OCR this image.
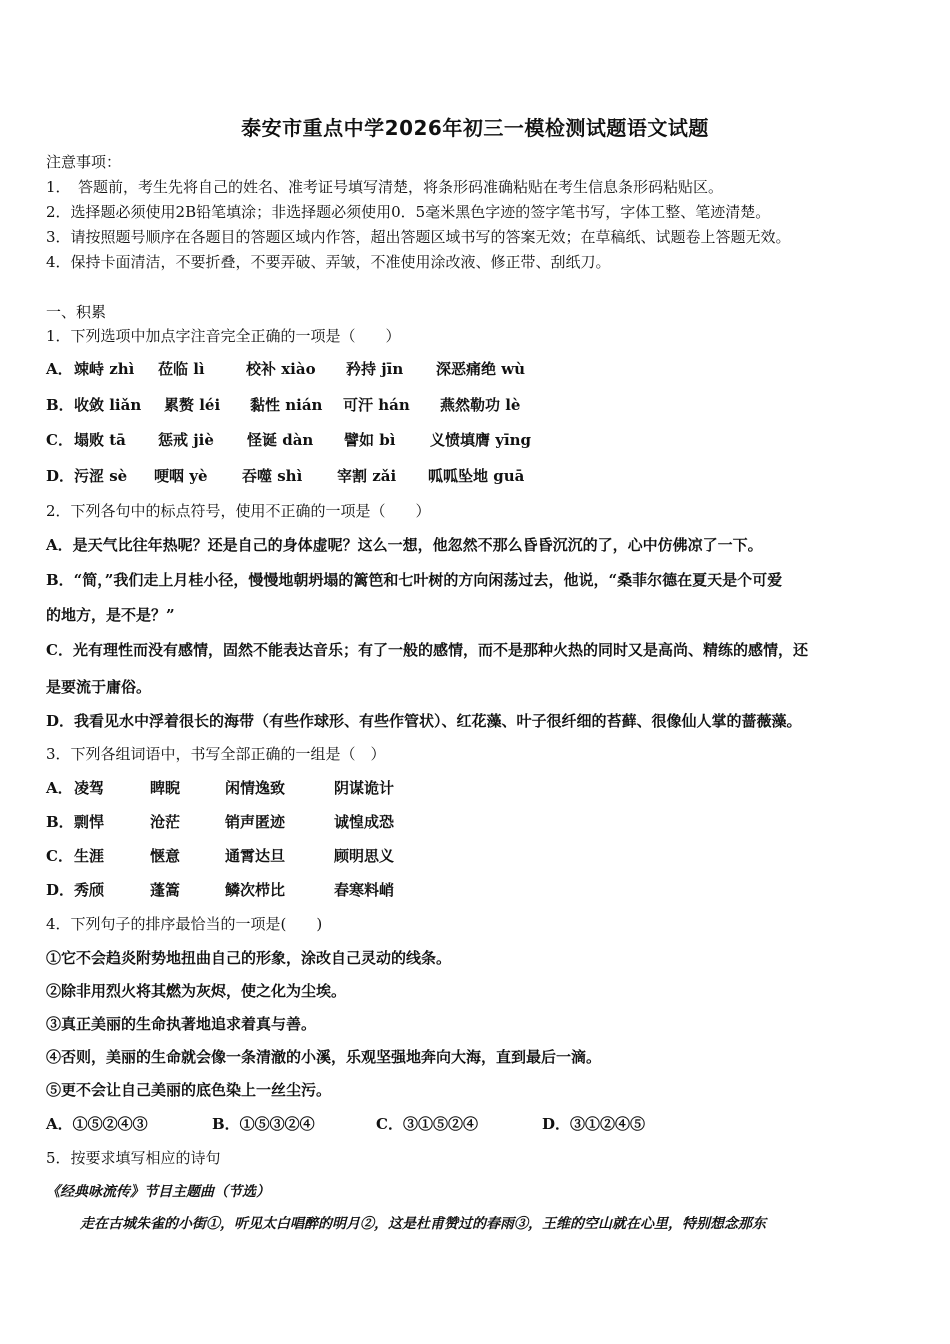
泰安市重点中学2026年初三一模检测试题语文试题
注意事项：
1．　答题前，考生先将自己的姓名、准考证号填写清楚，将条形码准确粘贴在考生信息条形码粘贴区。
2．选择题必须使用2B铅笔填涂；非选择题必须使用0．5毫米黑色字迹的签字笔书写，字体工整、笔迹清楚。
3．请按照题号顺序在各题目的答题区域内作答，超出答题区域书写的答案无效；在草稿纸、试题卷上答题无效。
4．保持卡面清洁，不要折叠，不要弄破、弄皱，不准使用涂改液、修正带、刮纸刀。
一、积累
1．下列选项中加点字注音完全正确的一项是（　　）
A． 竦峙 zhì 莅临 lì	校补 xiào 矜持 jīn 深恶痛绝 wù
B． 收敛 liǎn 累赘 léi 黏性 nián 可汗 hán 燕然勒功 lè
C． 塌败 tā 惩戒 jiè 怪诞 dàn 譬如 bì 义愤填膺 yīng
D． 污涩 sè 哽咽 yè 吞噬 shì 宰割 zǎi 呱呱坠地 guā
2．下列各句中的标点符号，使用不正确的一项是（　　）
A．是天气比往年热呢？还是自己的身体虚呢？这么一想，他忽然不那么昏昏沉沉的了，心中仿佛凉了一下。
B．“简，”我们走上月桂小径，慢慢地朝坍塌的篱笆和七叶树的方向闲荡过去，他说，“桑菲尔德在夏天是个可爱
的地方，是不是？”
C．光有理性而没有感情，固然不能表达音乐；有了一般的感情，而不是那种火热的同时又是高尚、精练的感情，还
是要流于庸俗。
D．我看见水中浮着很长的海带（有些作球形、有些作管状）、红花藻、叶子很纤细的苔藓、很像仙人掌的蔷薇藻。
3．下列各组词语中，书写全部正确的一组是（　）
A． 凌驾	睥睨	闲情逸致	阴谋诡计
B． 剽悍	沧茫	销声匿迹	诚惶成恐
C． 生涯	惬意	通霄达旦	顾明思义
D． 秀颀	蓬篙	鳞次栉比	春寒料峭
4．下列句子的排序最恰当的一项是(　　)
①它不会趋炎附势地扭曲自己的形象，涂改自己灵动的线条。
②除非用烈火将其燃为灰烬，使之化为尘埃。
③真正美丽的生命执著地追求着真与善。
④否则，美丽的生命就会像一条清澈的小溪，乐观坚强地奔向大海，直到最后一滴。
⑤更不会让自己美丽的底色染上一丝尘污。
A．①⑤②④③	B．①⑤③②④	C．③①⑤②④	D．③①②④⑤
5．按要求填写相应的诗句
《经典咏流传》节目主题曲（节选）
走在古城朱雀的小街①，听见太白唱醉的明月②，这是杜甫赞过的春雨③，王维的空山就在心里，特别想念那东
